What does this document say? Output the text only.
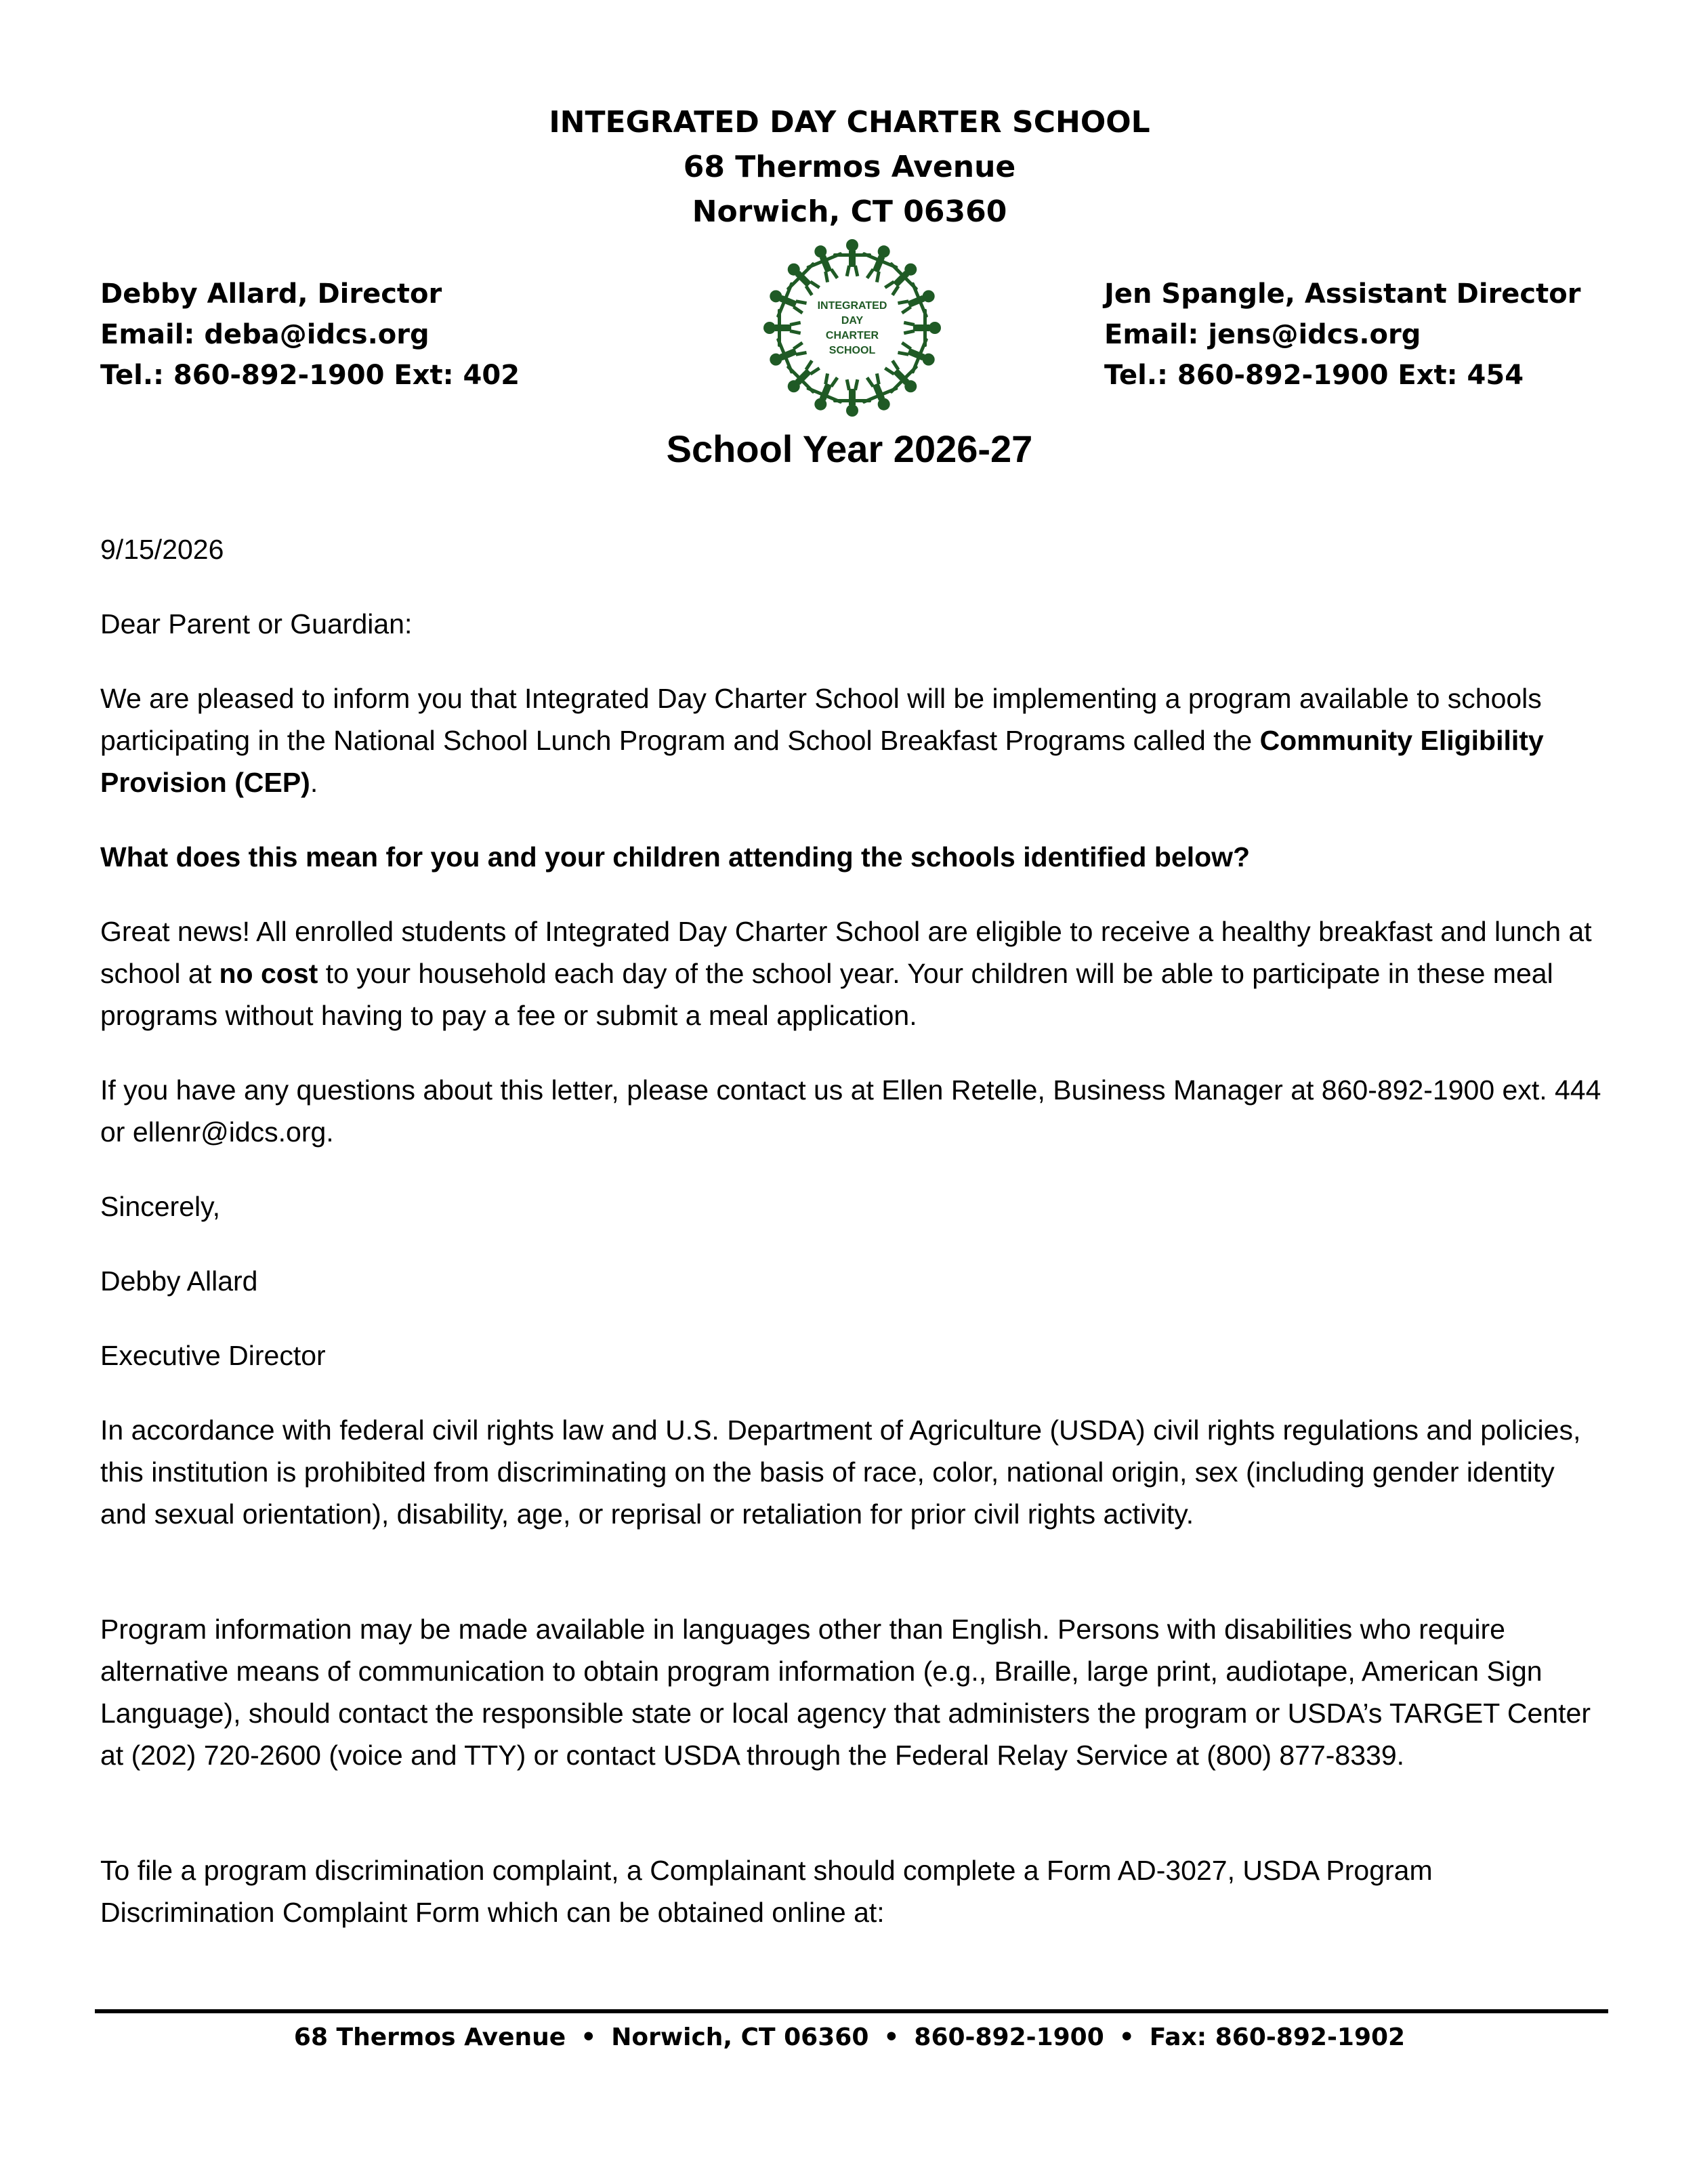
INTEGRATED DAY CHARTER SCHOOL
68 Thermos Avenue
Norwich, CT 06360
Debby Allard, Director
Email: deba@idcs.org
Tel.: 860-892-1900 Ext: 402
Jen Spangle, Assistant Director
Email: jens@idcs.org
Tel.: 860-892-1900 Ext: 454
INTEGRATED
DAY
CHARTER
SCHOOL
School Year 2026-27

9/15/2026

Dear Parent or Guardian:

We are pleased to inform you that Integrated Day Charter School will be implementing a program available to schools participating in the National School Lunch Program and School Breakfast Programs called the Community Eligibility Provision (CEP).

What does this mean for you and your children attending the schools identified below?

Great news! All enrolled students of Integrated Day Charter School are eligible to receive a healthy breakfast and lunch at school at no cost to your household each day of the school year. Your children will be able to participate in these meal programs without having to pay a fee or submit a meal application.

If you have any questions about this letter, please contact us at Ellen Retelle, Business Manager at 860-892-1900 ext. 444 or ellenr@idcs.org.

Sincerely,

Debby Allard

Executive Director

In accordance with federal civil rights law and U.S. Department of Agriculture (USDA) civil rights regulations and policies, this institution is prohibited from discriminating on the basis of race, color, national origin, sex (including gender identity and sexual orientation), disability, age, or reprisal or retaliation for prior civil rights activity.

Program information may be made available in languages other than English. Persons with disabilities who require alternative means of communication to obtain program information (e.g., Braille, large print, audiotape, American Sign Language), should contact the responsible state or local agency that administers the program or USDA’s TARGET Center at (202) 720-2600 (voice and TTY) or contact USDA through the Federal Relay Service at (800) 877-8339.

To file a program discrimination complaint, a Complainant should complete a Form AD-3027, USDA Program Discrimination Complaint Form which can be obtained online at:

68 Thermos Avenue • Norwich, CT 06360 • 860-892-1900 • Fax: 860-892-1902
